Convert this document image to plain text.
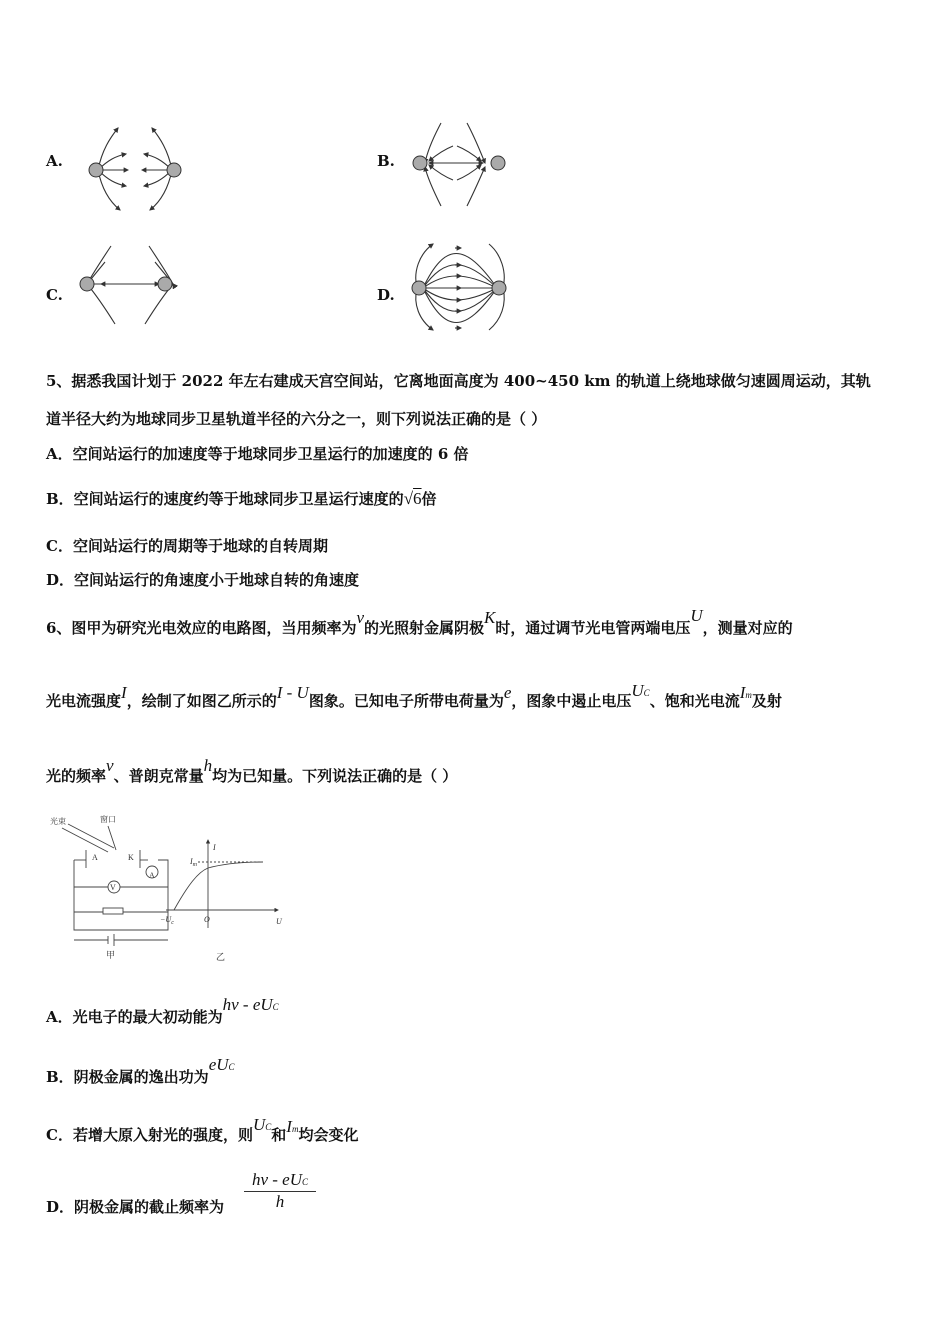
A.	B.
C.	D.
5、据悉我国计划于 2022 年左右建成天宫空间站，它离地面高度为 400~450 km 的轨道上绕地球做匀速圆周运动，其轨
道半径大约为地球同步卫星轨道半径的六分之一，则下列说法正确的是（ ）
A．空间站运行的加速度等于地球同步卫星运行的加速度的 6 倍
B．空间站运行的速度约等于地球同步卫星运行速度的√6倍
C．空间站运行的周期等于地球的自转周期
D．空间站运行的角速度小于地球自转的角速度
6、图甲为研究光电效应的电路图，当用频率为v的光照射金属阴极K时，通过调节光电管两端电压U，测量对应的
光电流强度I，绘制了如图乙所示的I - U图象。已知电子所带电荷量为e，图象中遏止电压UC、饱和光电流Im及射
光的频率v、普朗克常量h均为已知量。下列说法正确的是（ ）
光束	窗口
A	K
V
A
甲	乙
I
$I_m$
O
$-U_c$	U
A．光电子的最大初动能为hν - eUC
B．阴极金属的逸出功为eUC
C．若增大原入射光的强度，则UC和Im均会变化
D．阴极金属的截止频率为
hν - eUC
h
